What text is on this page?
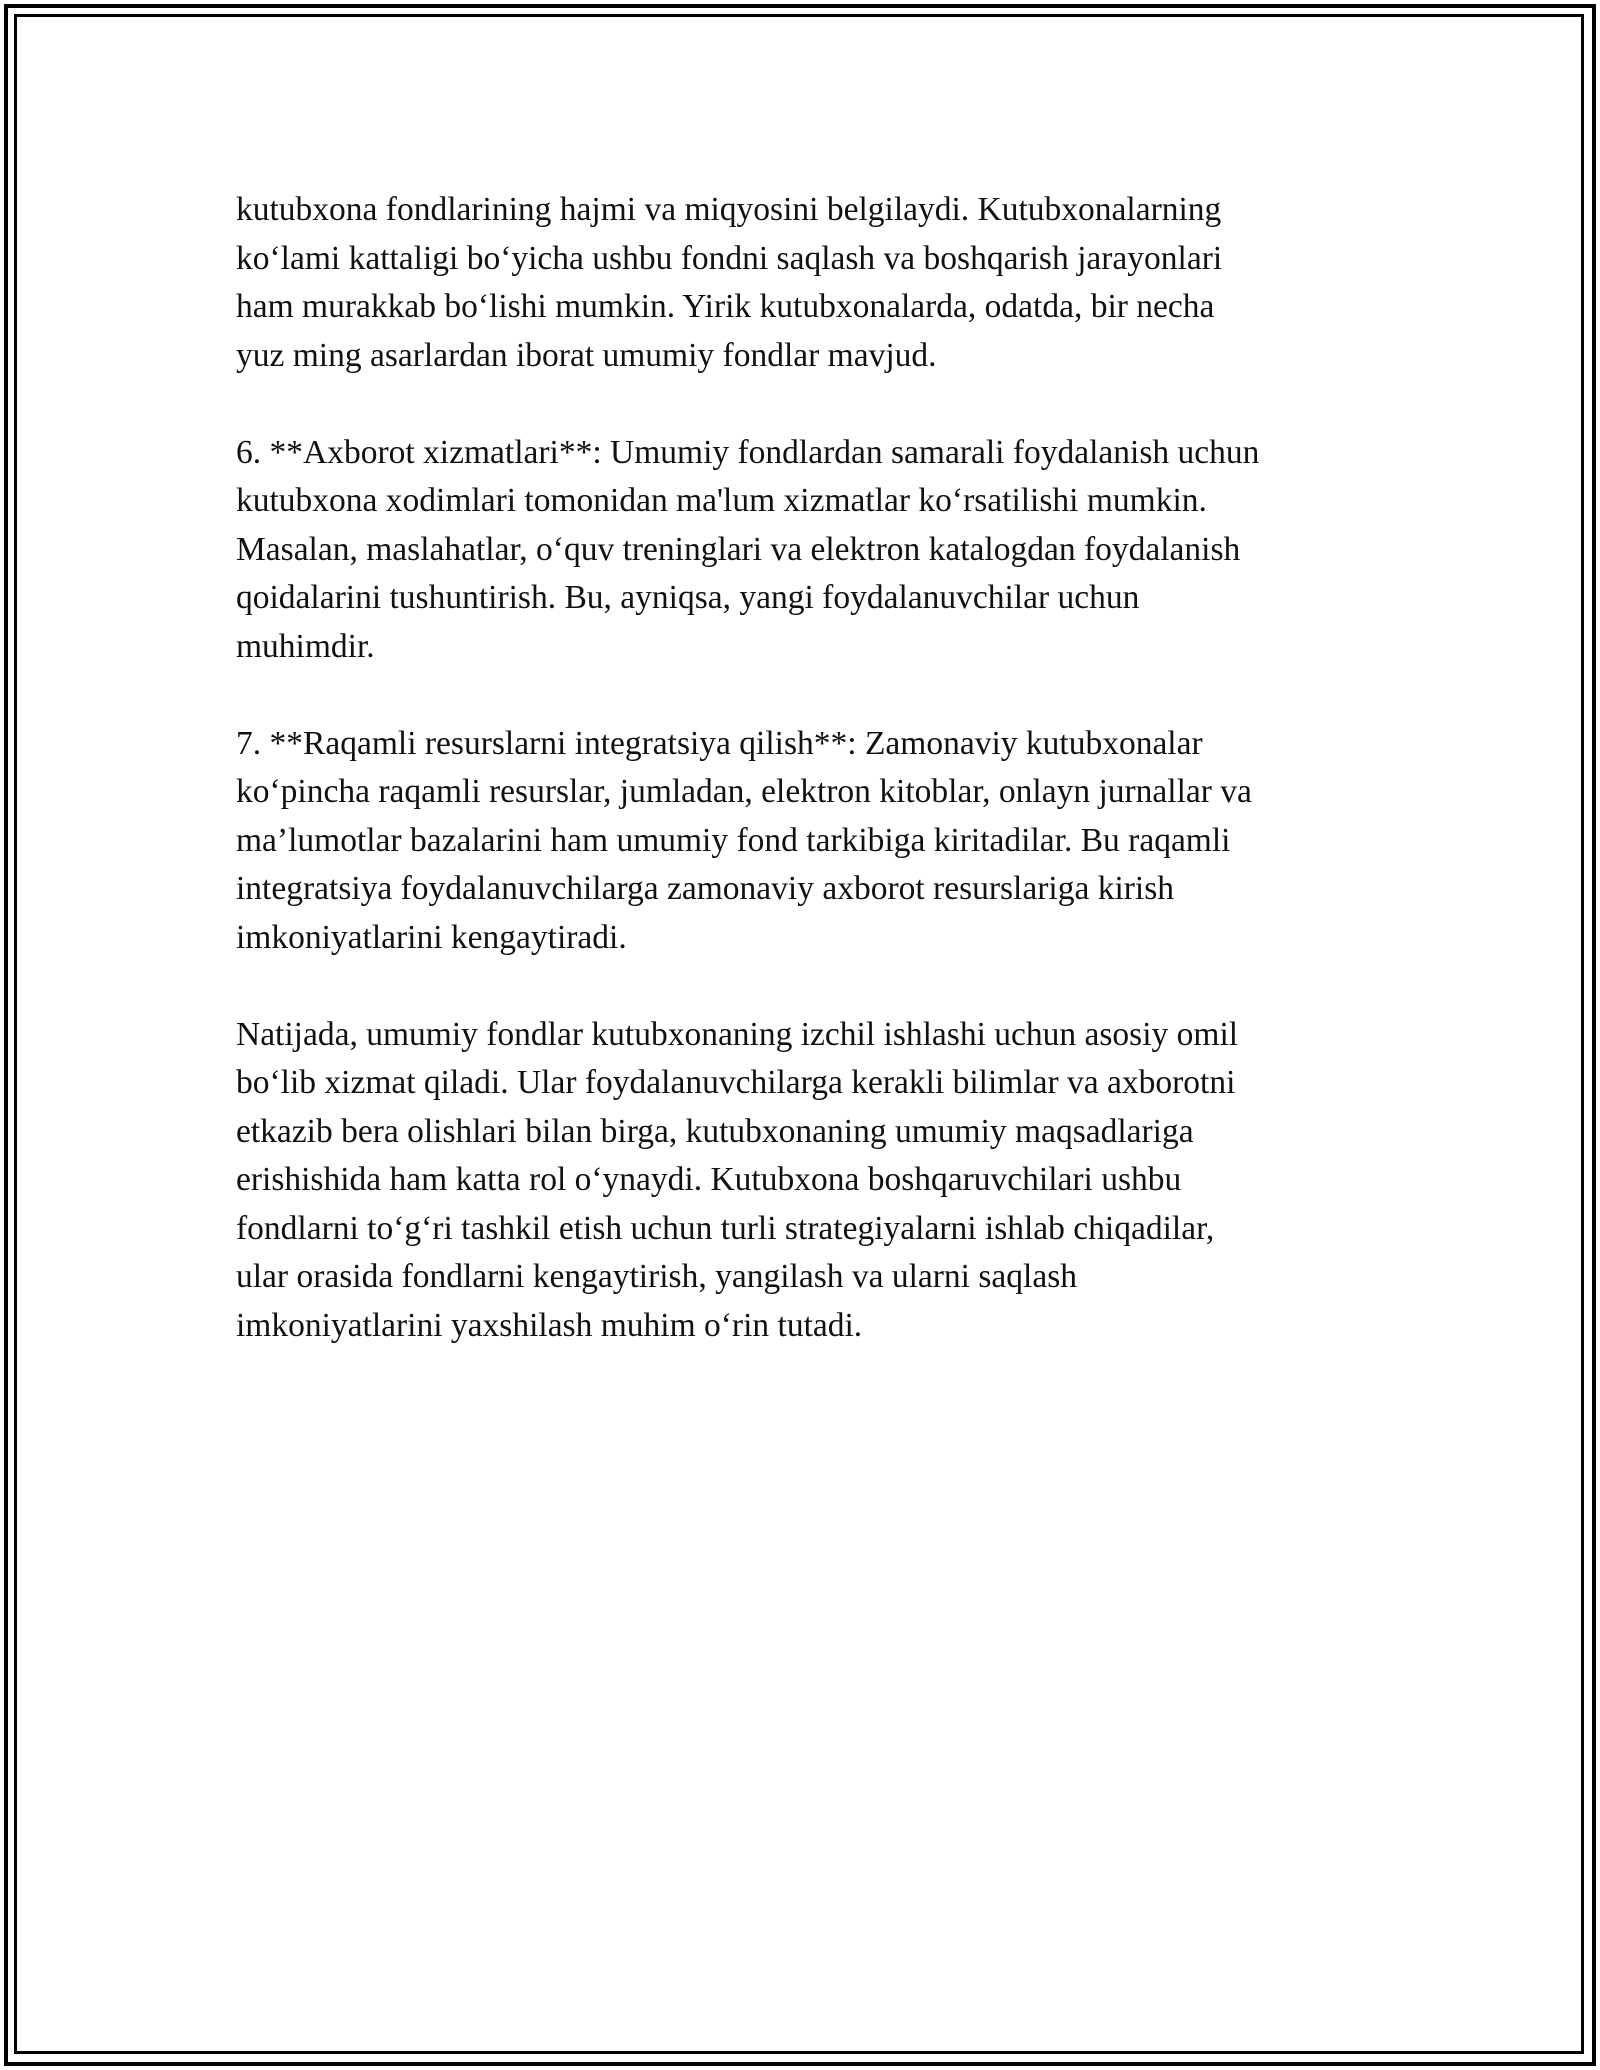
kutubxona fondlarining hajmi va miqyosini belgilaydi. Kutubxonalarning
koʻlami kattaligi boʻyicha ushbu fondni saqlash va boshqarish jarayonlari
ham murakkab boʻlishi mumkin. Yirik kutubxonalarda, odatda, bir necha
yuz ming asarlardan iborat umumiy fondlar mavjud.

6. **Axborot xizmatlari**: Umumiy fondlardan samarali foydalanish uchun
kutubxona xodimlari tomonidan ma'lum xizmatlar koʻrsatilishi mumkin.
Masalan, maslahatlar, oʻquv treninglari va elektron katalogdan foydalanish
qoidalarini tushuntirish. Bu, ayniqsa, yangi foydalanuvchilar uchun
muhimdir.

7. **Raqamli resurslarni integratsiya qilish**: Zamonaviy kutubxonalar
koʻpincha raqamli resurslar, jumladan, elektron kitoblar, onlayn jurnallar va
ma’lumotlar bazalarini ham umumiy fond tarkibiga kiritadilar. Bu raqamli
integratsiya foydalanuvchilarga zamonaviy axborot resurslariga kirish
imkoniyatlarini kengaytiradi.

Natijada, umumiy fondlar kutubxonaning izchil ishlashi uchun asosiy omil
boʻlib xizmat qiladi. Ular foydalanuvchilarga kerakli bilimlar va axborotni
etkazib bera olishlari bilan birga, kutubxonaning umumiy maqsadlariga
erishishida ham katta rol oʻynaydi. Kutubxona boshqaruvchilari ushbu
fondlarni toʻgʻri tashkil etish uchun turli strategiyalarni ishlab chiqadilar,
ular orasida fondlarni kengaytirish, yangilash va ularni saqlash
imkoniyatlarini yaxshilash muhim oʻrin tutadi.
